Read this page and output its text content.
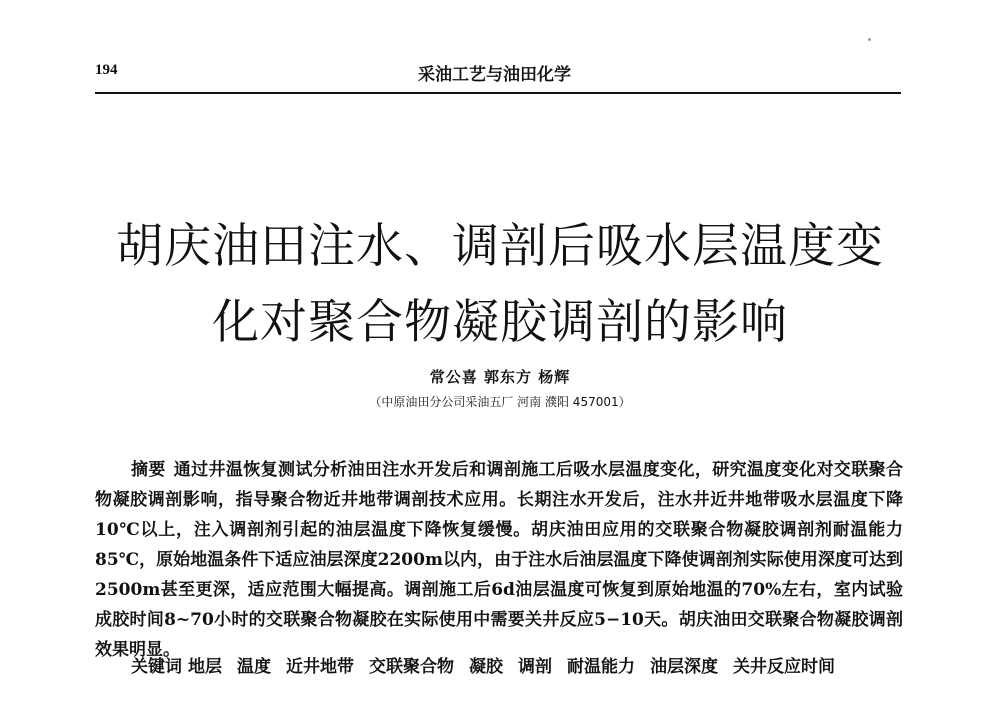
194	采油工艺与油田化学
胡庆油田注水、调剖后吸水层温度变
化对聚合物凝胶调剖的影响
常公喜 郭东方 杨辉
（中原油田分公司采油五厂 河南 濮阳 457001）

摘要 通过井温恢复测试分析油田注水开发后和调剖施工后吸水层温度变化，研究温度变化对交联聚合物凝胶调剖影响，指导聚合物近井地带调剖技术应用。长期注水开发后，注水井近井地带吸水层温度下降10℃以上，注入调剖剂引起的油层温度下降恢复缓慢。胡庆油田应用的交联聚合物凝胶调剖剂耐温能力85℃，原始地温条件下适应油层深度2200m以内，由于注水后油层温度下降使调剖剂实际使用深度可达到2500m甚至更深，适应范围大幅提高。调剖施工后6d油层温度可恢复到原始地温的70%左右，室内试验成胶时间8~70小时的交联聚合物凝胶在实际使用中需要关井反应5−10天。胡庆油田交联聚合物凝胶调剖效果明显。

关键词 地层 温度 近井地带 交联聚合物 凝胶 调剖 耐温能力 油层深度 关井反应时间
